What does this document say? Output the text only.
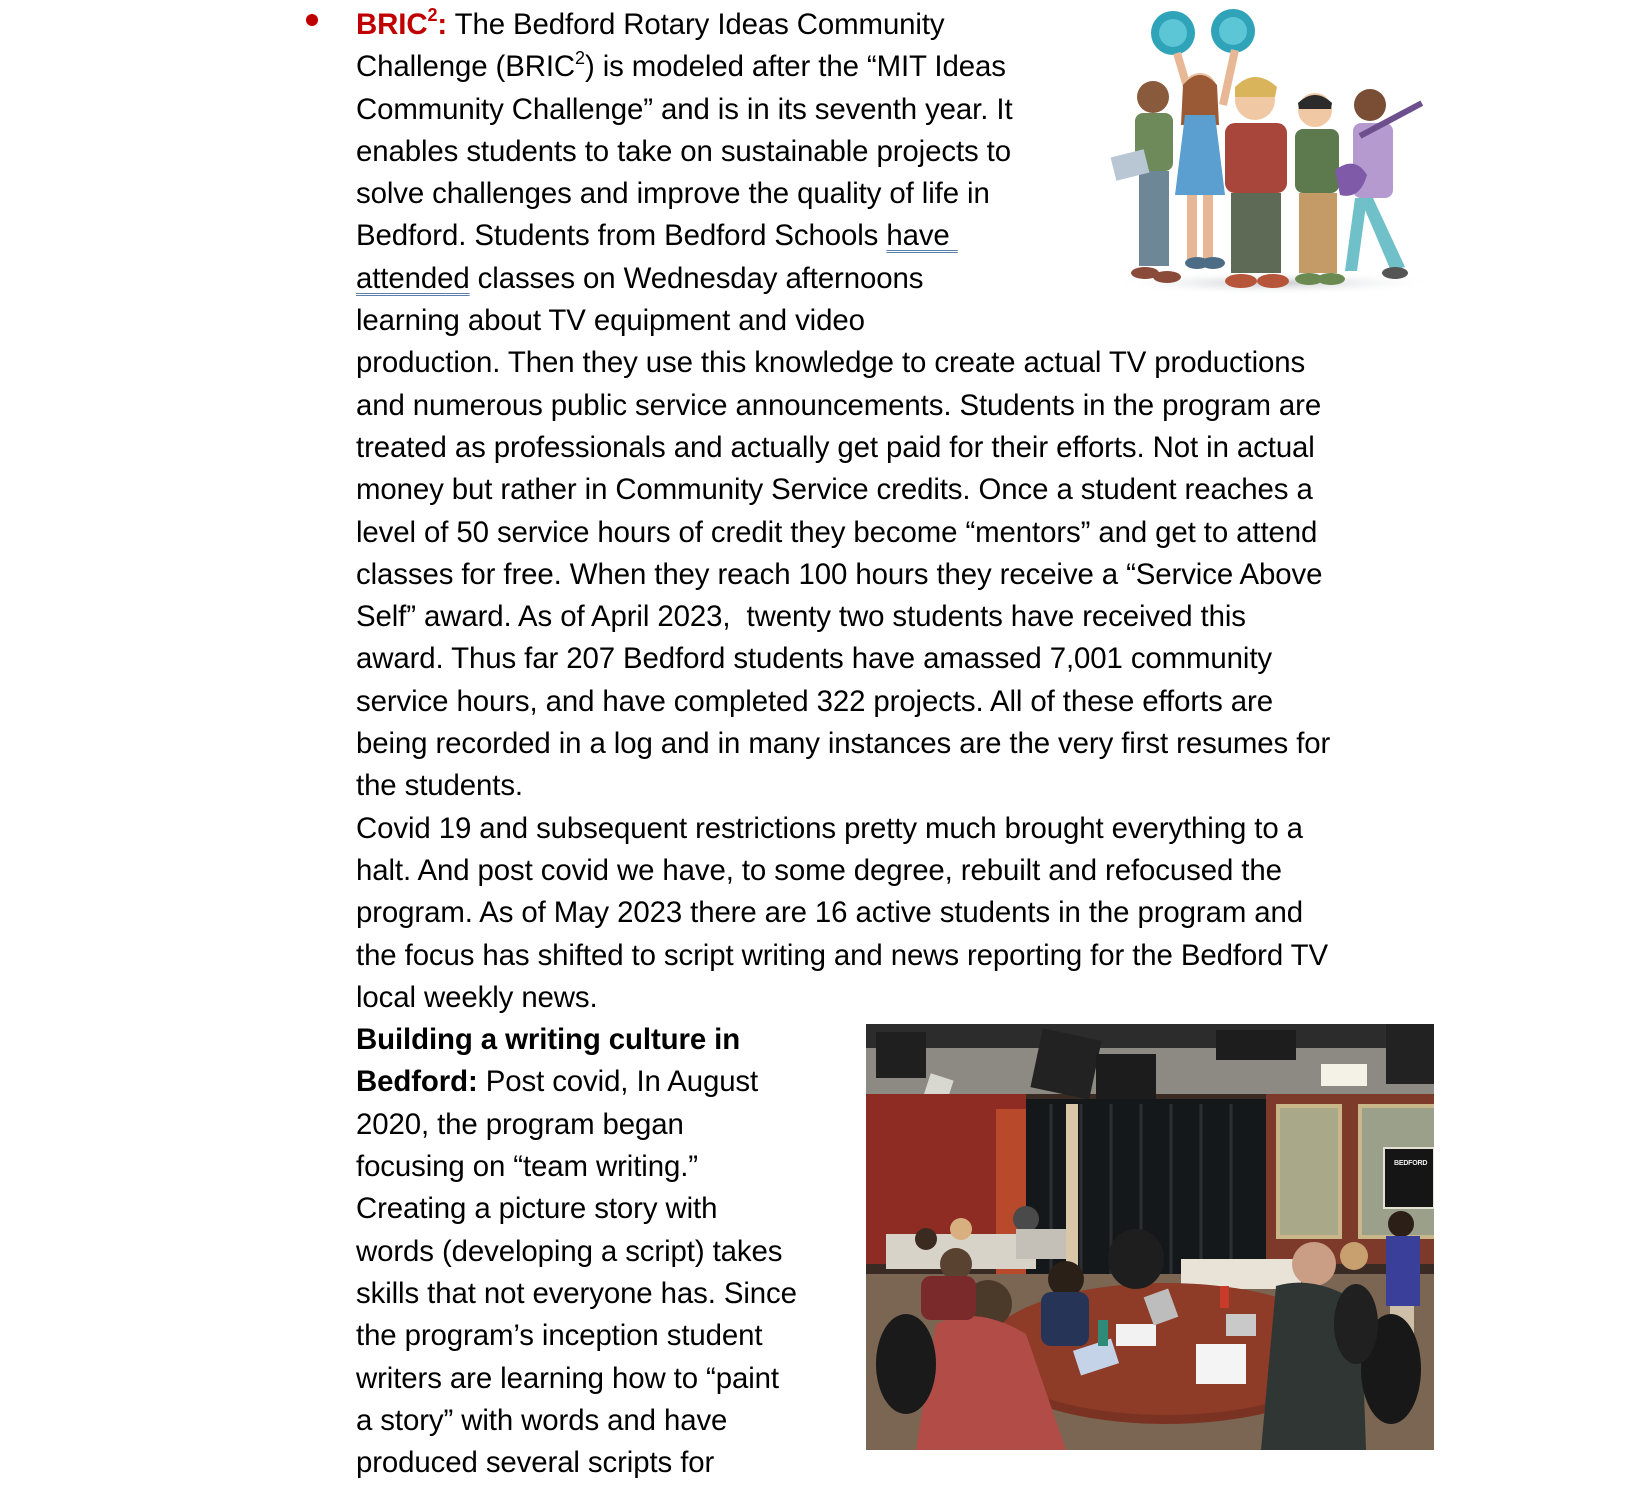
BRIC$^2$: The Bedford Rotary Ideas Community
Challenge (BRIC$^2$) is modeled after the “MIT Ideas
Community Challenge” and is in its seventh year. It
enables students to take on sustainable projects to
solve challenges and improve the quality of life in
Bedford. Students from Bedford Schools have
attended classes on Wednesday afternoons
learning about TV equipment and video
production. Then they use this knowledge to create actual TV productions
and numerous public service announcements. Students in the program are
treated as professionals and actually get paid for their efforts. Not in actual
money but rather in Community Service credits. Once a student reaches a
level of 50 service hours of credit they become “mentors” and get to attend
classes for free. When they reach 100 hours they receive a “Service Above
Self” award. As of April 2023,  twenty two students have received this
award. Thus far 207 Bedford students have amassed 7,001 community
service hours, and have completed 322 projects. All of these efforts are
being recorded in a log and in many instances are the very first resumes for
the students.
Covid 19 and subsequent restrictions pretty much brought everything to a
halt. And post covid we have, to some degree, rebuilt and refocused the
program. As of May 2023 there are 16 active students in the program and
the focus has shifted to script writing and news reporting for the Bedford TV
local weekly news.
Building a writing culture in
Bedford: Post covid, In August
2020, the program began
focusing on “team writing.”
Creating a picture story with
words (developing a script) takes
skills that not everyone has. Since
the program’s inception student
writers are learning how to “paint
a story” with words and have
produced several scripts for
BEDFORD
